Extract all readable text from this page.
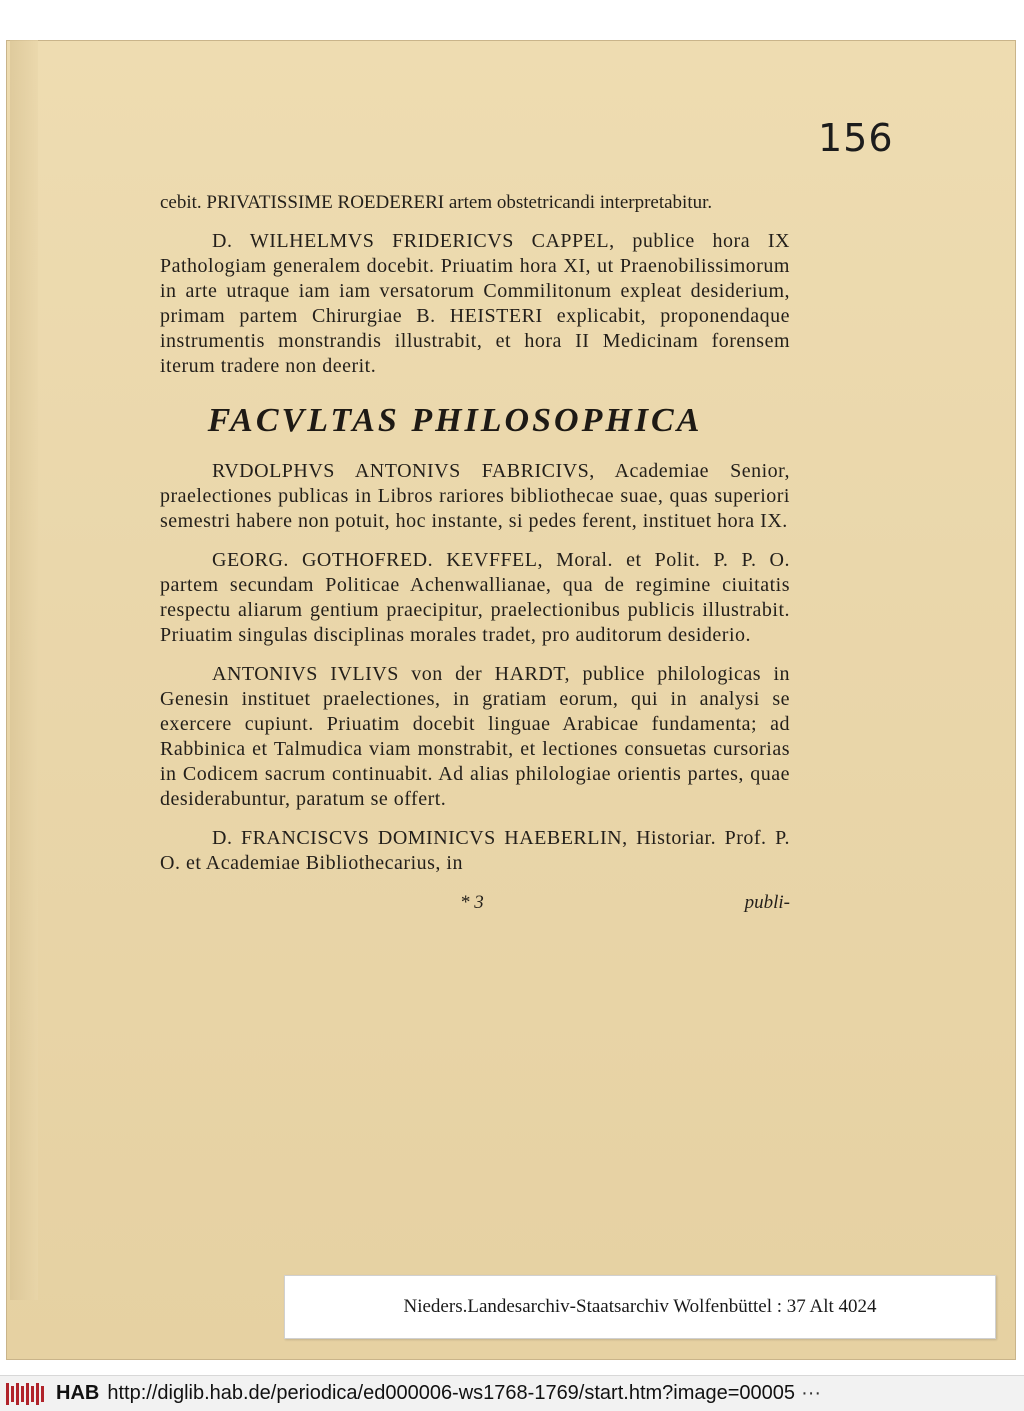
156

cebit. PRIVATISSIME ROEDERERI artem obstetricandi interpretabitur.

D. WILHELMVS FRIDERICVS CAPPEL, publice hora IX Pathologiam generalem docebit. Priuatim hora XI, ut Praenobilissimorum in arte utraque iam iam versatorum Commilitonum expleat desiderium, primam partem Chirurgiae B. HEISTERI explicabit, proponendaque instrumentis monstrandis illustrabit, et hora II Medicinam forensem iterum tradere non deerit.

FACVLTAS PHILOSOPHICA

RVDOLPHVS ANTONIVS FABRICIVS, Academiae Senior, praelectiones publicas in Libros rariores bibliothecae suae, quas superiori semestri habere non potuit, hoc instante, si pedes ferent, instituet hora IX.

GEORG. GOTHOFRED. KEVFFEL, Moral. et Polit. P. P. O. partem secundam Politicae Achenwallianae, qua de regimine ciuitatis respectu aliarum gentium praecipitur, praelectionibus publicis illustrabit. Priuatim singulas disciplinas morales tradet, pro auditorum desiderio.

ANTONIVS IVLIVS von der HARDT, publice philologicas in Genesin instituet praelectiones, in gratiam eorum, qui in analysi se exercere cupiunt. Priuatim docebit linguae Arabicae fundamenta; ad Rabbinica et Talmudica viam monstrabit, et lectiones consuetas cursorias in Codicem sacrum continuabit. Ad alias philologiae orientis partes, quae desiderabuntur, paratum se offert.

D. FRANCISCVS DOMINICVS HAEBERLIN, Historiar. Prof. P. O. et Academiae Bibliothecarius, in

* 3	publi-
Nieders.Landesarchiv-Staatsarchiv Wolfenbüttel : 37 Alt 4024
HAB http://diglib.hab.de/periodica/ed000006-ws1768-1769/start.htm?image=00005 ···
